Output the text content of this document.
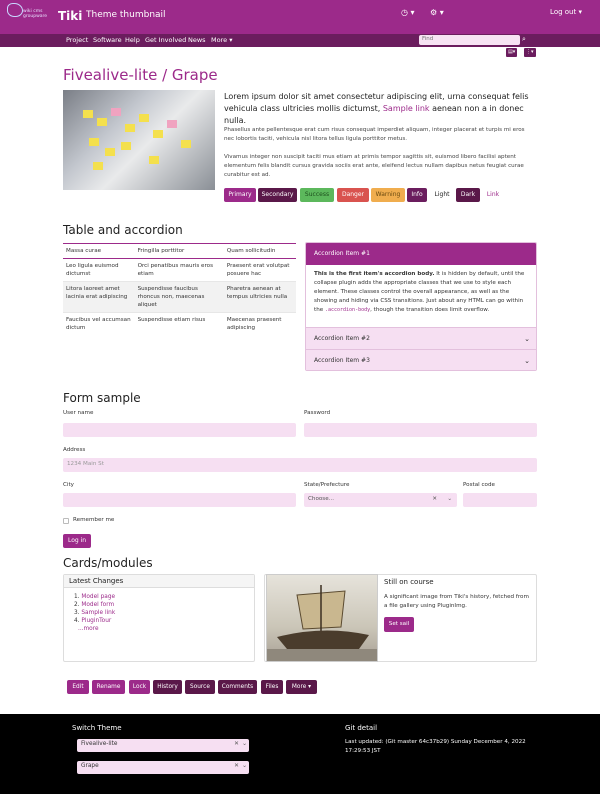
wiki cms groupware Tiki Theme thumbnail	◷ ▾ ⚙ ▾	Log out ▾
Project Software Help Get Involved News More ▾	Find	⌕
▤▾	⋮▾
Fivealive-lite / Grape
Lorem ipsum dolor sit amet consectetur adipiscing elit, urna consequat felis vehicula class ultricies mollis dictumst, Sample link aenean non a in donec nulla.
Phasellus ante pellentesque erat cum risus consequat imperdiet aliquam, integer placerat et turpis mi eros nec lobortis taciti, vehicula nisl litora tellus ligula porttitor metus.
Vivamus integer non suscipit taciti mus etiam at primis tempor sagittis sit, euismod libero facilisi aptent elementum felis blandit cursus gravida sociis erat ante, eleifend lectus nullam dapibus netus feugiat curae curabitur est ad.
Primary	Secondary	Success	Danger	Warning	Info	Light	Dark	Link
Table and accordion
Massa curae	Fringilla porttitor	Quam sollicitudin
Leo ligula euismod dictumst	Orci penatibus mauris eros etiam	Praesent erat volutpat posuere hac
Litora laoreet amet lacinia erat adipiscing	Suspendisse faucibus rhoncus non, maecenas aliquet	Pharetra aenean at tempus ultricies nulla
Faucibus vel accumsan dictum	Suspendisse etiam risus	Maecenas praesent adipiscing
Accordion Item #1
This is the first item's accordion body. It is hidden by default, until the collapse plugin adds the appropriate classes that we use to style each element. These classes control the overall appearance, as well as the showing and hiding via CSS transitions. Just about any HTML can go within the .accordion-body, though the transition does limit overflow.
Accordion Item #2	⌄
Accordion Item #3	⌄
Form sample
User name	Password
Address
1234 Main St
City	State/Prefecture
Choose...	✕ ⌄
Postal code
Remember me
Log in
Cards/modules
Latest Changes
1. Model page
2. Model form
3. Sample link
4. PluginTour
...more
Still on course
A significant image from Tiki's history, fetched from a file gallery using PluginImg.
Set sail
Edit	Rename	Lock	History	Source	Comments	Files	More ▾
Switch Theme
Fivealive-lite	✕ ⌄
Grape	✕ ⌄
Git detail
Last updated: (Git master 64c37b29) Sunday December 4, 2022 17:29:53 JST
